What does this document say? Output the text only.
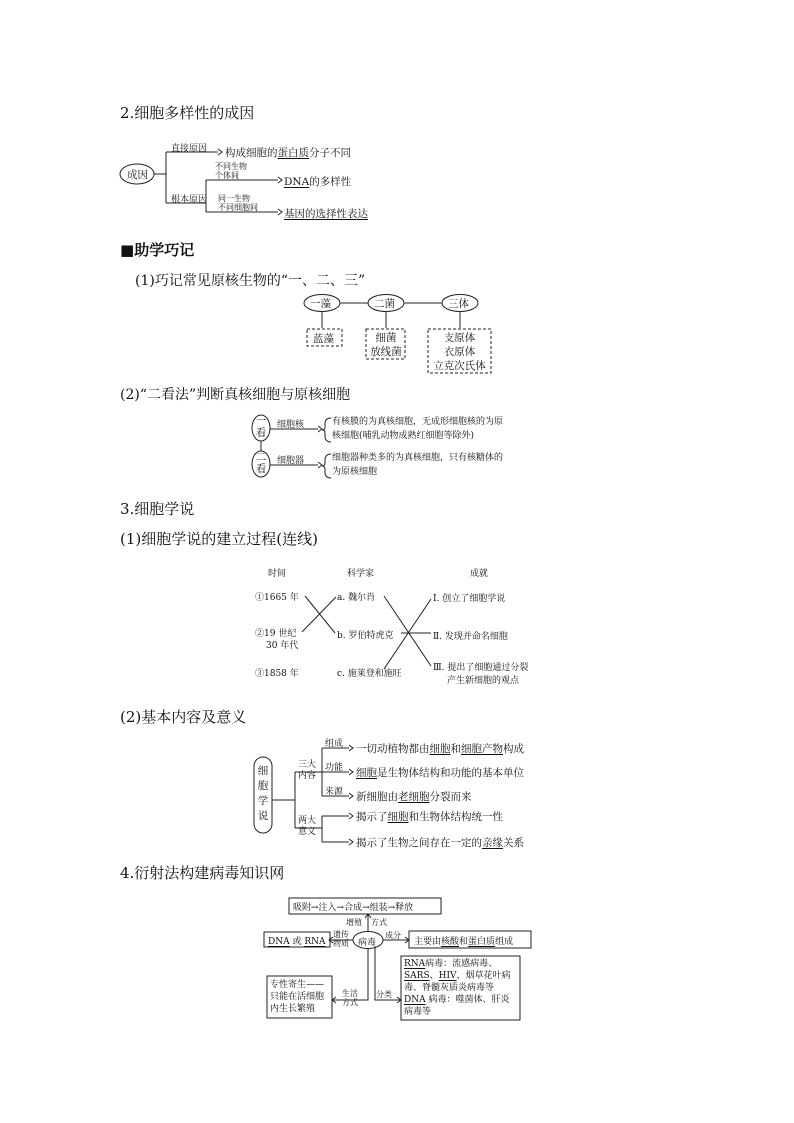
2.细胞多样性的成因
成因
直接原因 构成细胞的蛋白质分子不同
根本原因
不同生物
个体间
DNA的多样性
同一生物
不同细胞间
基因的选择性表达
■助学巧记
(1)巧记常见原核生物的“一、二、三”
一藻	二菌	三体
蓝藻	细菌
放线菌
支原体
衣原体
立克次氏体
(2)“二看法”判断真核细胞与原核细胞
一
看
二
看
细胞核
细胞器
有核膜的为真核细胞，无成形细胞核的为原
核细胞(哺乳动物成熟红细胞等除外)
细胞器种类多的为真核细胞，只有核糖体的
为原核细胞
3.细胞学说
(1)细胞学说的建立过程(连线)
时间	科学家	成就
①1665 年
②19 世纪
30 年代
③1858 年
a. 魏尔肖
b. 罗伯特虎克
c. 施莱登和施旺
Ⅰ. 创立了细胞学说
Ⅱ. 发现并命名细胞
Ⅲ. 提出了细胞通过分裂
产生新细胞的观点
(2)基本内容及意义
细
胞
学
说
三大
内容
两大
意义
组成
功能
来源
一切动植物都由细胞和细胞产物构成
细胞是生物体结构和功能的基本单位
新细胞由老细胞分裂而来
揭示了细胞和生物体结构统一性
揭示了生物之间存在一定的亲缘关系
4.衍射法构建病毒知识网
吸附→注入→合成→组装→释放
增殖 方式
DNA 或 RNA
遗传
物质 病毒
成分
主要由核酸和蛋白质组成
专性寄生——
只能在活细胞
内生长繁殖
生活
方式
分类
RNA病毒：流感病毒、
SARS、HIV、烟草花叶病
毒、脊髓灰质炎病毒等
DNA 病毒：噬菌体、肝炎
病毒等
